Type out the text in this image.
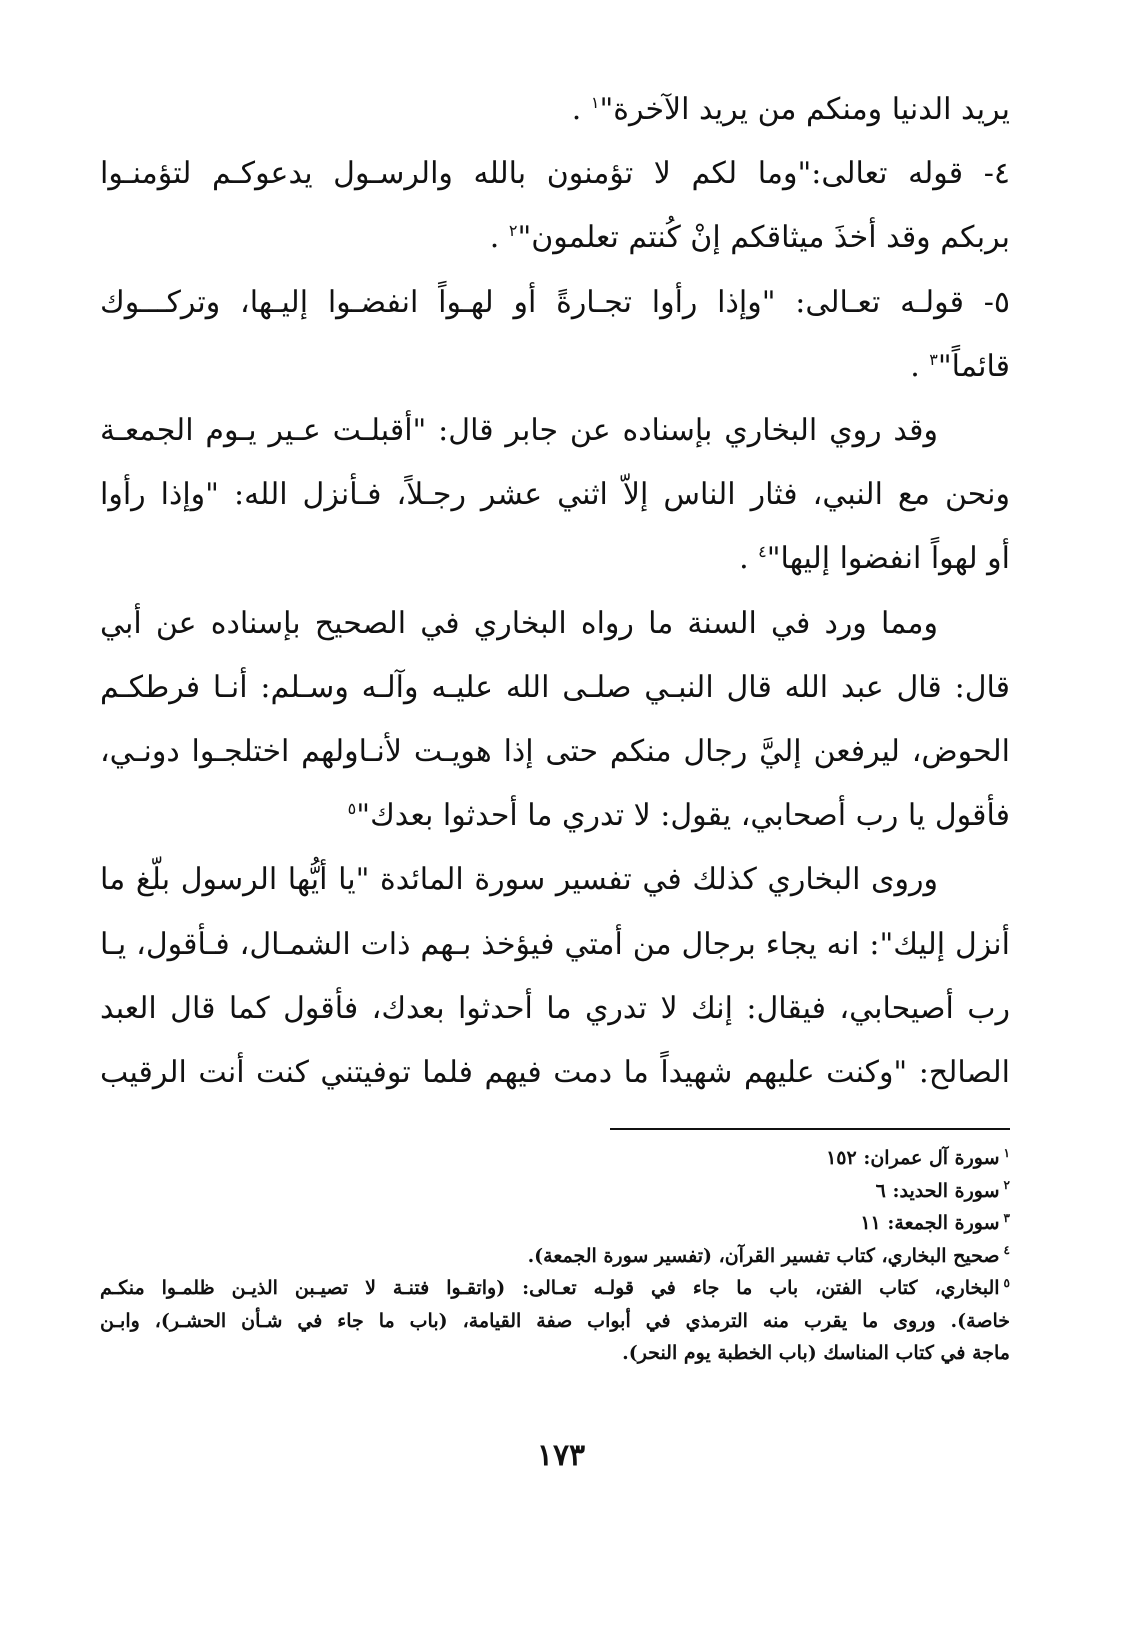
يريد الدنيا ومنكم من يريد الآخرة"$^١$ .
٤- قوله تعالى:"وما لكم لا تؤمنون بالله والرسـول يدعوكـم لتؤمنـوا
بربكم وقد أخذَ ميثاقكم إنْ كُنتم تعلمون"$^٢$ .
٥- قولـه تعـالى: "وإذا رأوا تجـارةً أو لهـواً انفضـوا إليـها، وتركـــوك
قائماً"$^٣$ .
وقد روي البخاري بإسناده عن جابر قال: "أقبلـت عـير يـوم الجمعـة
ونحن مع النبي، فثار الناس إلاّ اثني عشر رجـلاً، فـأنزل الله: "وإذا رأوا
أو لهواً انفضوا إليها"$^٤$ .
ومما ورد في السنة ما رواه البخاري في الصحيح بإسناده عن أبي
قال: قال عبد الله قال النبـي صلـى الله عليـه وآلـه وسـلم: أنـا فرطكـم
الحوض، ليرفعن إليَّ رجال منكم حتى إذا هويـت لأنـاولهم اختلجـوا دونـي،
فأقول يا رب أصحابي، يقول: لا تدري ما أحدثوا بعدك"$^٥$
وروى البخاري كذلك في تفسير سورة المائدة "يا أيُّها الرسول بلّغ ما
أنزل إليك": انه يجاء برجال من أمتي فيؤخذ بـهم ذات الشمـال، فـأقول، يـا
رب أصيحابي، فيقال: إنك لا تدري ما أحدثوا بعدك، فأقول كما قال العبد
الصالح: "وكنت عليهم شهيداً ما دمت فيهم فلما توفيتني كنت أنت الرقيب
$^١$سورة آل عمران: ١٥٢
$^٢$سورة الحديد: ٦
$^٣$سورة الجمعة: ١١
$^٤$صحيح البخاري، كتاب تفسير القرآن، (تفسير سورة الجمعة).
$^٥$البخاري، كتاب الفتن، باب ما جاء في قولـه تعـالى: (واتقـوا فتنـة لا تصيـبن الذيـن ظلمـوا منكـم
خاصة). وروى ما يقرب منه الترمذي في أبواب صفة القيامة، (باب ما جاء في شـأن الحشـر)، وابـن
ماجة في كتاب المناسك (باب الخطبة يوم النحر).
١٧٣
